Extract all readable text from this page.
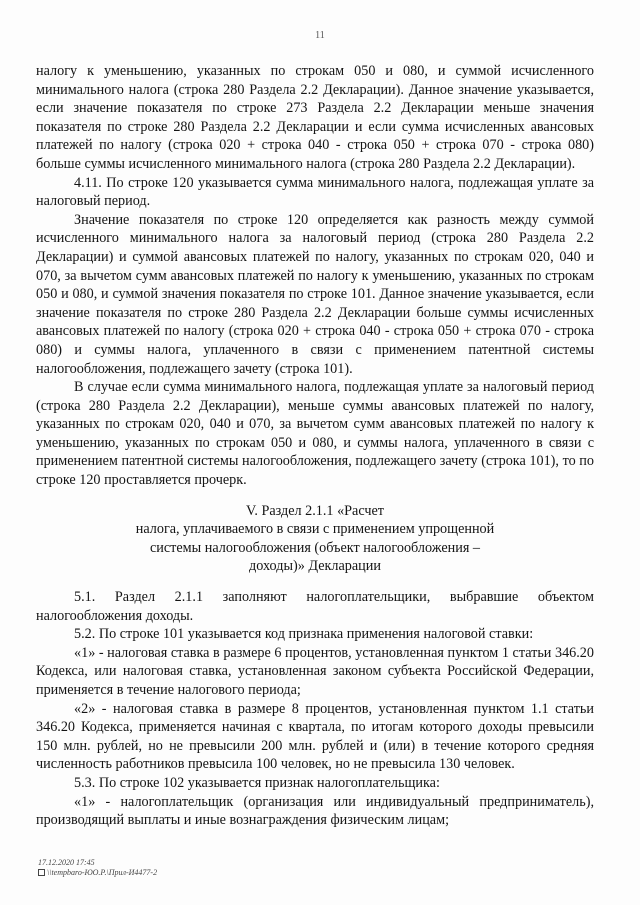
11

налогу к уменьшению, указанных по строкам 050 и 080, и суммой исчисленного минимального налога (строка 280 Раздела 2.2 Декларации). Данное значение указывается, если значение показателя по строке 273 Раздела 2.2 Декларации меньше значения показателя по строке 280 Раздела 2.2 Декларации и если сумма исчисленных авансовых платежей по налогу (строка 020 + строка 040 - строка 050 + строка 070 - строка 080) больше суммы исчисленного минимального налога (строка 280 Раздела 2.2 Декларации).

4.11. По строке 120 указывается сумма минимального налога, подлежащая уплате за налоговый период.

Значение показателя по строке 120 определяется как разность между суммой исчисленного минимального налога за налоговый период (строка 280 Раздела 2.2 Декларации) и суммой авансовых платежей по налогу, указанных по строкам 020, 040 и 070, за вычетом сумм авансовых платежей по налогу к уменьшению, указанных по строкам 050 и 080, и суммой значения показателя по строке 101. Данное значение указывается, если значение показателя по строке 280 Раздела 2.2 Декларации больше суммы исчисленных авансовых платежей по налогу (строка 020 + строка 040 - строка 050 + строка 070 - строка 080) и суммы налога, уплаченного в связи с применением патентной системы налогообложения, подлежащего зачету (строка 101).

В случае если сумма минимального налога, подлежащая уплате за налоговый период (строка 280 Раздела 2.2 Декларации), меньше суммы авансовых платежей по налогу, указанных по строкам 020, 040 и 070, за вычетом сумм авансовых платежей по налогу к уменьшению, указанных по строкам 050 и 080, и суммы налога, уплаченного в связи с применением патентной системы налогообложения, подлежащего зачету (строка 101), то по строке 120 проставляется прочерк.

V. Раздел 2.1.1 «Расчет
налога, уплачиваемого в связи с применением упрощенной
системы налогообложения (объект налогообложения –
доходы)» Декларации

5.1. Раздел 2.1.1 заполняют налогоплательщики, выбравшие объектом налогообложения доходы.

5.2. По строке 101 указывается код признака применения налоговой ставки:

«1» - налоговая ставка в размере 6 процентов, установленная пунктом 1 статьи 346.20 Кодекса, или налоговая ставка, установленная законом субъекта Российской Федерации, применяется в течение налогового периода;

«2» - налоговая ставка в размере 8 процентов, установленная пунктом 1.1 статьи 346.20 Кодекса, применяется начиная с квартала, по итогам которого доходы превысили 150 млн. рублей, но не превысили 200 млн. рублей и (или) в течение которого средняя численность работников превысила 100 человек, но не превысила 130 человек.

5.3. По строке 102 указывается признак налогоплательщика:

«1» - налогоплательщик (организация или индивидуальный предприниматель), производящий выплаты и иные вознаграждения физическим лицам;

17.12.2020 17:45
\\tempbaro-ЮО.Р.\Прил-И4477-2
